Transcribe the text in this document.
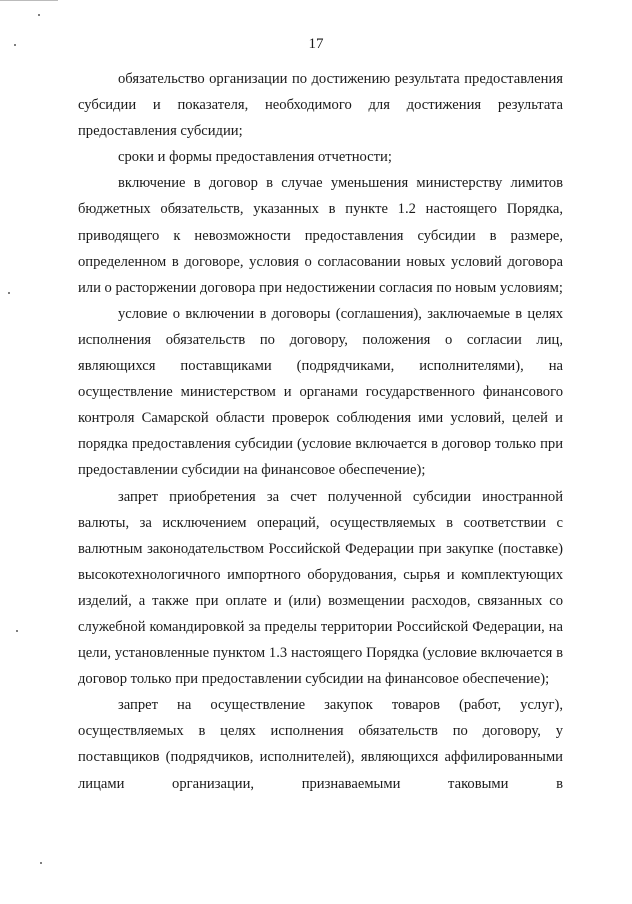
17

обязательство организации по достижению результата предоставления субсидии и показателя, необходимого для достижения результата предоставления субсидии;

сроки и формы предоставления отчетности;

включение в договор в случае уменьшения министерству лимитов бюджетных обязательств, указанных в пункте 1.2 настоящего Порядка, приводящего к невозможности предоставления субсидии в размере, определенном в договоре, условия о согласовании новых условий договора или о расторжении договора при недостижении согласия по новым условиям;

условие о включении в договоры (соглашения), заключаемые в целях исполнения обязательств по договору, положения о согласии лиц, являющихся поставщиками (подрядчиками, исполнителями), на осуществление министерством и органами государственного финансового контроля Самарской области проверок соблюдения ими условий, целей и порядка предоставления субсидии (условие включается в договор только при предоставлении субсидии на финансовое обеспечение);

запрет приобретения за счет полученной субсидии иностранной валюты, за исключением операций, осуществляемых в соответствии с валютным законодательством Российской Федерации при закупке (поставке) высокотехнологичного импортного оборудования, сырья и комплектующих изделий, а также при оплате и (или) возмещении расходов, связанных со служебной командировкой за пределы территории Российской Федерации, на цели, установленные пунктом 1.3 настоящего Порядка (условие включается в договор только при предоставлении субсидии на финансовое обеспечение);

запрет на осуществление закупок товаров (работ, услуг), осуществляемых в целях исполнения обязательств по договору, у поставщиков (подрядчиков, исполнителей), являющихся аффилированными лицами организации, признаваемыми таковыми в
